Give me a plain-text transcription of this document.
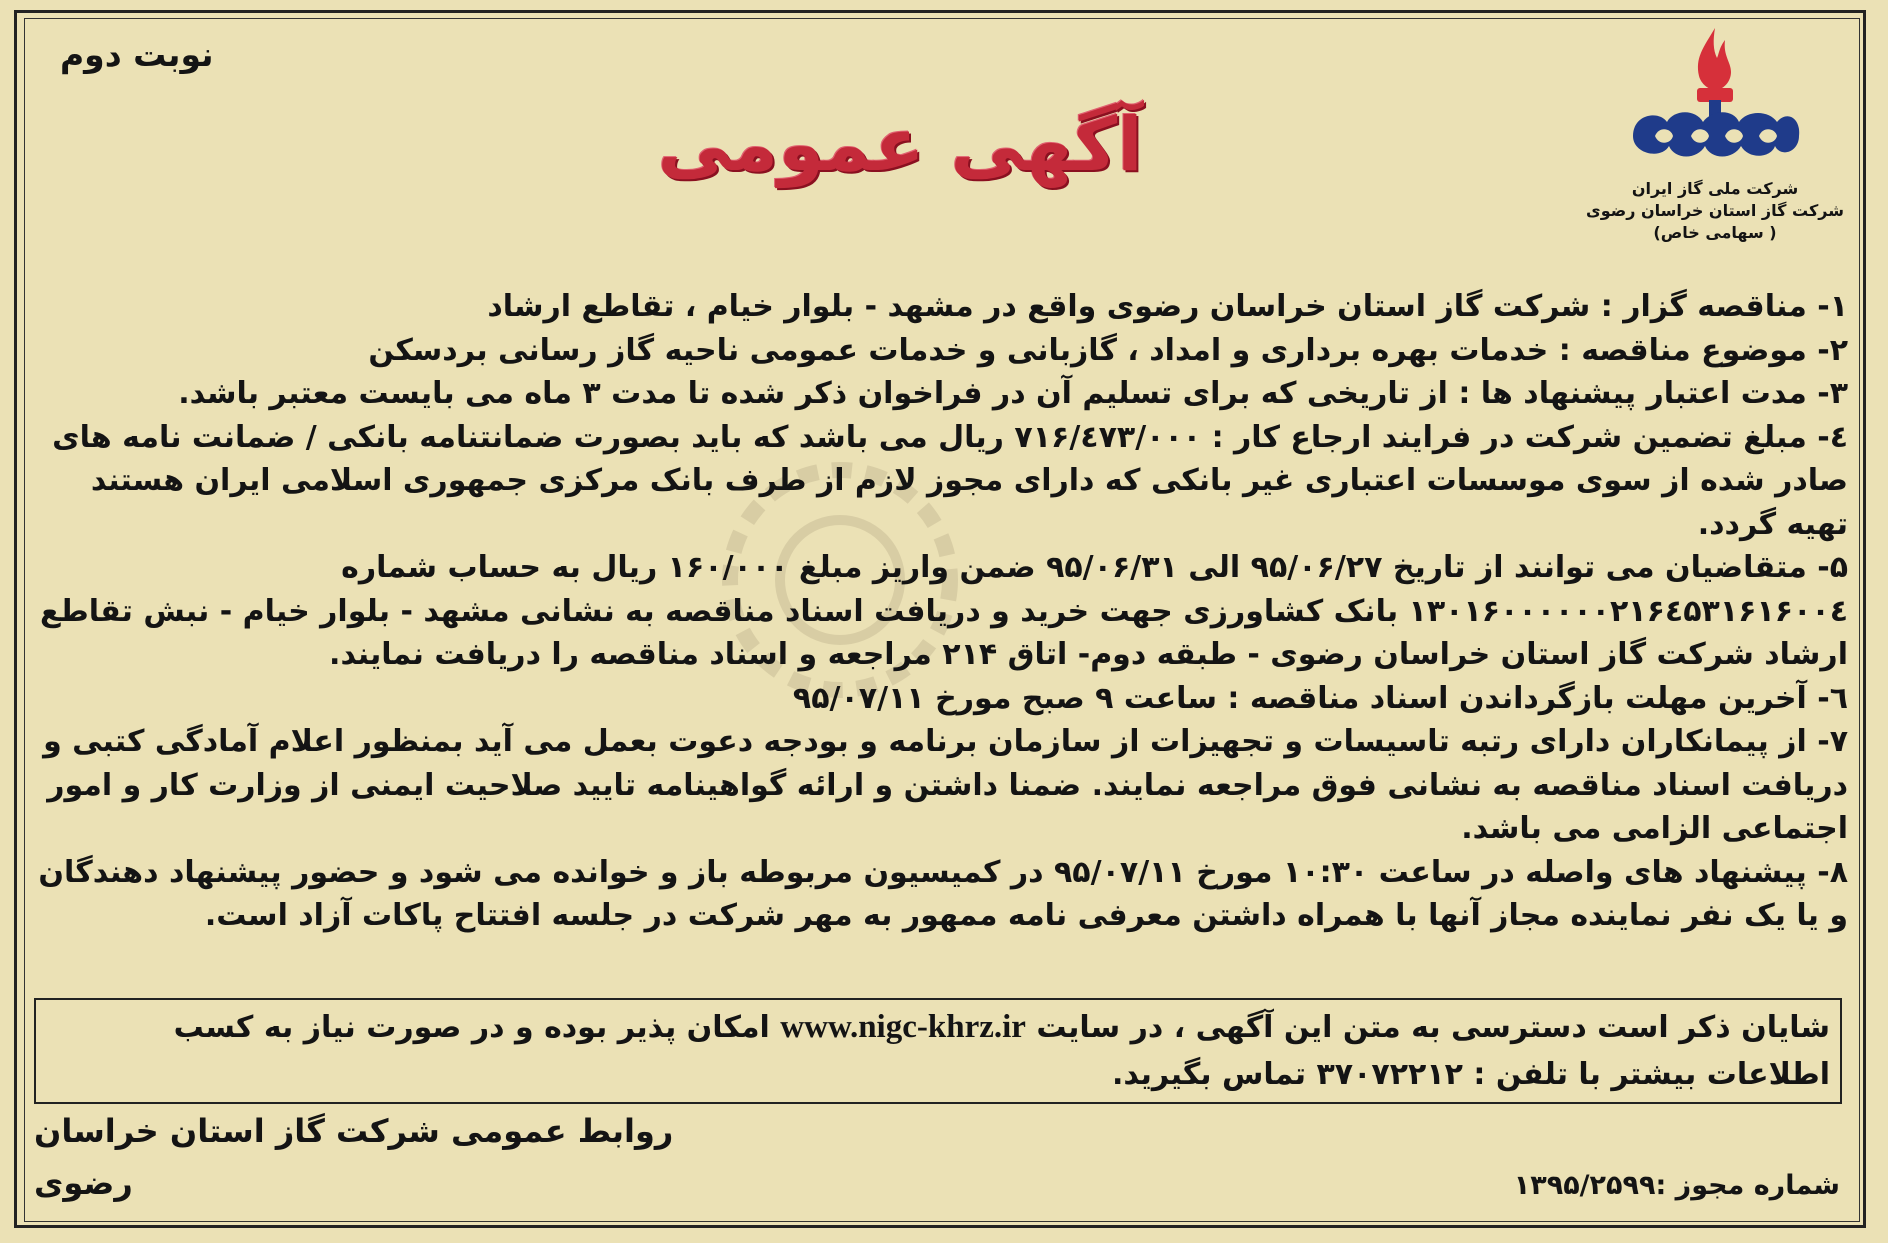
نوبت دوم
آگهی عمومی
شرکت ملی گاز ایران
شرکت گاز استان خراسان رضوی
( سهامی خاص)

۱- مناقصه گزار : شرکت گاز استان خراسان رضوی واقع در مشهد - بلوار خیام ، تقاطع ارشاد

۲- موضوع مناقصه : خدمات بهره برداری و امداد ، گازبانی و خدمات عمومی ناحیه گاز رسانی بردسکن

۳- مدت اعتبار پیشنهاد ها : از تاریخی که برای تسلیم آن در فراخوان ذکر شده تا مدت ۳ ماه می بایست معتبر باشد.

٤- مبلغ تضمین شرکت در فرایند ارجاع کار : ۷۱۶/٤۷۳/۰۰۰ ریال می باشد که باید بصورت ضمانتنامه بانکی / ضمانت نامه های صادر شده از سوی موسسات اعتباری غیر بانکی که دارای مجوز لازم از طرف بانک مرکزی جمهوری اسلامی ایران هستند تهیه گردد.

۵- متقاضیان می توانند از تاریخ ۹۵/۰۶/۲۷ الی ۹۵/۰۶/۳۱ ضمن واریز مبلغ ۱۶۰/۰۰۰ ریال به حساب شماره ۱۳۰۱۶۰۰۰۰۰۰۲۱۶٤۵۳۱۶۱۶۰۰٤ بانک کشاورزی جهت خرید و دریافت اسناد مناقصه به نشانی مشهد - بلوار خیام - نبش تقاطع ارشاد شرکت گاز استان خراسان رضوی - طبقه دوم- اتاق ۲۱۴ مراجعه و اسناد مناقصه را دریافت نمایند.

٦- آخرین مهلت بازگرداندن اسناد مناقصه : ساعت ۹ صبح مورخ ۹۵/۰۷/۱۱

۷- از پیمانکاران دارای رتبه تاسیسات و تجهیزات از سازمان برنامه و بودجه دعوت بعمل می آید بمنظور اعلام آمادگی کتبی و دریافت اسناد مناقصه به نشانی فوق مراجعه نمایند. ضمنا داشتن و ارائه گواهینامه تایید صلاحیت ایمنی از وزارت کار و امور اجتماعی الزامی می باشد.

۸- پیشنهاد های واصله در ساعت ۱۰:۳۰ مورخ ۹۵/۰۷/۱۱ در کمیسیون مربوطه باز و خوانده می شود و حضور پیشنهاد دهندگان و یا یک نفر نماینده مجاز آنها با همراه داشتن معرفی نامه ممهور به مهر شرکت در جلسه افتتاح پاکات آزاد است.

شایان ذکر است دسترسی به متن این آگهی ، در سایت www.nigc-khrz.ir امکان پذیر بوده و در صورت نیاز به کسب اطلاعات بیشتر با تلفن : ۳۷۰۷۲۲۱۲ تماس بگیرید.
روابط عمومی شرکت گاز استان خراسان رضوی	شماره مجوز :۱۳۹۵/۲۵۹۹
